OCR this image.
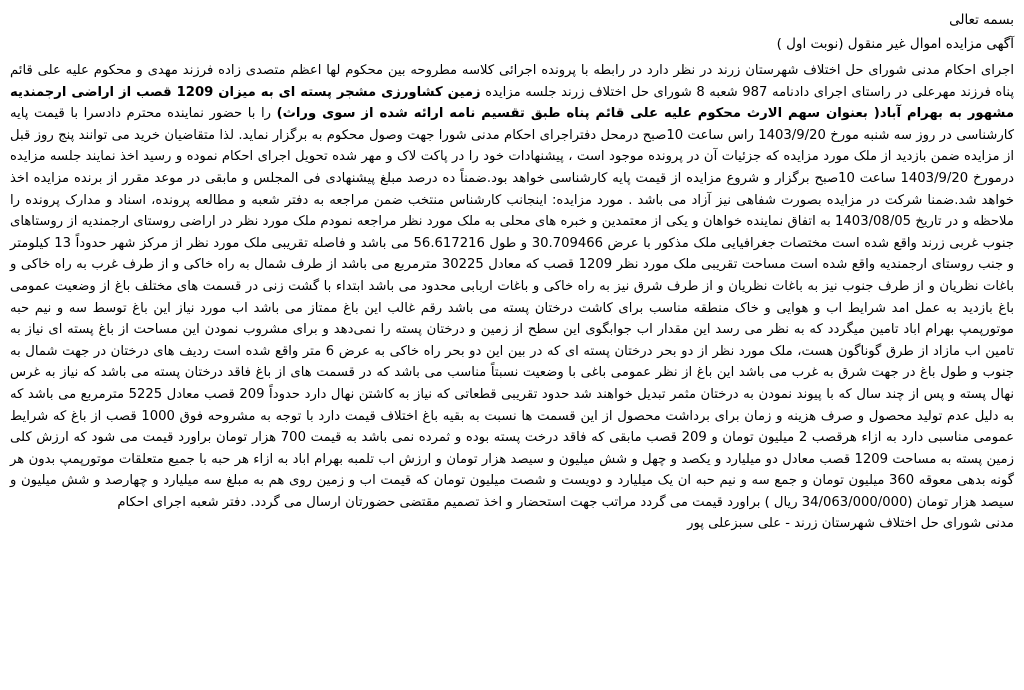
بسمه تعالی
آگهی مزایده اموال غیر منقول (نوبت اول )
اجرای احکام مدنی شورای حل اختلاف شهرستان زرند در نظر دارد در رابطه با پرونده اجرائی کلاسه مطروحه بین محکوم لها اعظم متصدی زاده فرزند مهدی و محکوم علیه علی قائم پناه فرزند مهرعلی در راستای اجرای دادنامه 987 شعبه 8 شورای حل اختلاف زرند جلسه مزایده زمین کشاورزی مشجر پسته ای به میزان 1209 قصب از اراضی ارجمندیه مشهور به بهرام آباد( بعنوان سهم الارث محکوم علیه علی قائم پناه طبق تقسیم نامه ارائه شده از سوی وراث) را با حضور نماینده محترم دادسرا با قیمت پایه کارشناسی در روز سه شنبه مورخ 1403/9/20 راس ساعت 10صبح درمحل دفتراجرای احکام مدنی شورا جهت وصول محکوم به برگزار نماید. لذا متقاضیان خرید می توانند پنج روز قبل از مزایده ضمن بازدید از ملک مورد مزایده که جزئیات آن در پرونده موجود است ، پیشنهادات خود را در پاکت لاک و مهر شده تحویل اجرای احکام نموده و رسید اخذ نمایند جلسه مزایده درمورخ 1403/9/20 ساعت 10صبح برگزار و شروع مزایده از قیمت پایه کارشناسی خواهد بود.ضمناً ده درصد مبلغ پیشنهادی فی المجلس و مابقی در موعد مقرر از برنده مزایده اخذ خواهد شد.ضمنا شرکت در مزایده بصورت شفاهی نیز آزاد می باشد . مورد مزایده: اینجانب کارشناس منتخب ضمن مراجعه به دفتر شعبه و مطالعه پرونده، اسناد و مدارک پرونده را ملاحظه و در تاریخ 1403/08/05 به اتفاق نماینده خواهان و یکی از معتمدین و خبره های محلی به ملک مورد نظر مراجعه نمودم ملک مورد نظر در اراضی روستای ارجمندیه از روستاهای جنوب غربی زرند واقع شده است مختصات جغرافیایی ملک مذکور با عرض 30.709466 و طول 56.617216 می باشد و فاصله تقریبی ملک مورد نظر از مرکز شهر حدوداً 13 کیلومتر و جنب روستای ارجمندیه واقع شده است مساحت تقریبی ملک مورد نظر 1209 قصب که معادل 30225 مترمربع می باشد از طرف شمال به راه خاکی و از طرف غرب به راه خاکی و باغات نظریان و از طرف جنوب نیز به باغات نظریان و از طرف شرق نیز به راه خاکی و باغات اربابی محدود می باشد ابتداء با گشت زنی در قسمت های مختلف باغ از وضعیت عمومی باغ بازدید به عمل امد شرایط اب و هوایی و خاک منطقه مناسب برای کاشت درختان پسته می باشد رقم غالب این باغ ممتاز می باشد اب مورد نیاز این باغ توسط سه و نیم حبه موتورپمپ بهرام اباد تامین میگردد که به نظر می رسد این مقدار اب جوابگوی این سطح از زمین و درختان پسته را نمی‌دهد و برای مشروب نمودن این مساحت از باغ پسته ای نیاز به تامین اب مازاد از طرق گوناگون هست، ملک مورد نظر از دو بحر درختان پسته ای که در بین این دو بحر راه خاکی به عرض 6 متر واقع شده است ردیف های درختان در جهت شمال به جنوب و طول باغ در جهت شرق به غرب می باشد این باغ از نظر عمومی باغی با وضعیت نسبتاً مناسب می باشد که در قسمت های از باغ فاقد درختان پسته می باشد که نیاز به غرس نهال پسته و پس از چند سال که با پیوند نمودن به درختان مثمر تبدیل خواهند شد حدود تقریبی قطعاتی که نیاز به کاشتن نهال دارد حدوداً 209 قصب معادل 5225 مترمربع می باشد که به دلیل عدم تولید محصول و صرف هزینه و زمان برای برداشت محصول از این قسمت ها نسبت به بقیه باغ اختلاف قیمت دارد با توجه به مشروحه فوق 1000 قصب از باغ که شرایط عمومی مناسبی دارد به ازاء هرقصب 2 میلیون تومان و 209 قصب مابقی که فاقد درخت پسته بوده و ثمرده نمی باشد به قیمت 700 هزار تومان براورد قیمت می شود که ارزش کلی زمین پسته به مساحت 1209 قصب معادل دو میلیارد و یکصد و چهل و شش میلیون و سیصد هزار تومان و ارزش اب تلمبه بهرام اباد به ازاء هر حبه با جمیع متعلقات موتورپمپ بدون هر گونه بدهی معوقه 360 میلیون تومان و جمع سه و نیم حبه ان یک میلیارد و دویست و شصت میلیون تومان که قیمت اب و زمین روی هم به مبلغ سه میلیارد و چهارصد و شش میلیون و سیصد هزار تومان (34/063/000/000 ریال ) براورد قیمت می گردد مراتب جهت استحضار و اخذ تصمیم مقتضی حضورتان ارسال می گردد. دفتر شعبه اجرای احکام
مدنی شورای حل اختلاف شهرستان زرند - علی سبزعلی پور
